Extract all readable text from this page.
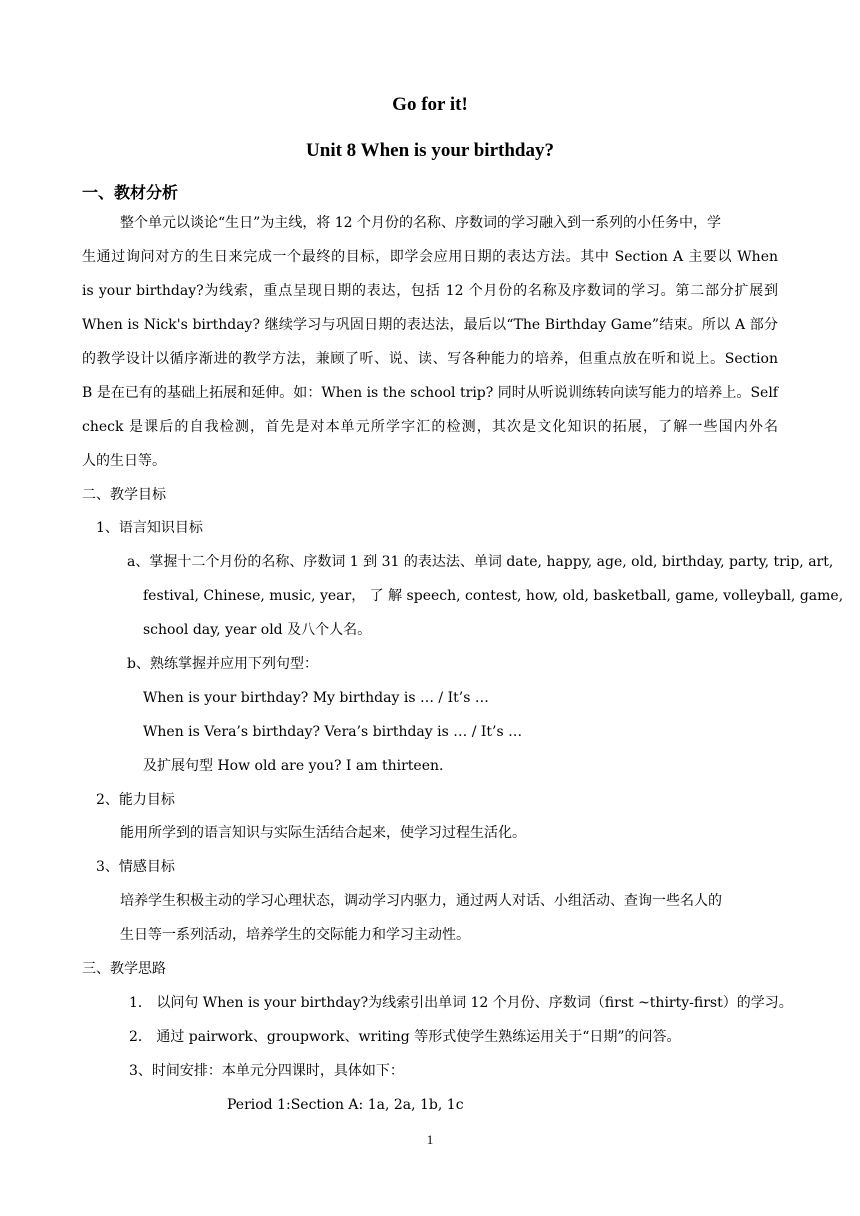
Go for it!
Unit 8 When is your birthday?
一、教材分析
整个单元以谈论“生日”为主线，将 12 个月份的名称、序数词的学习融入到一系列的小任务中，学
生通过询问对方的生日来完成一个最终的目标，即学会应用日期的表达方法。其中 Section A 主要以 When
is your birthday?为线索，重点呈现日期的表达，包括 12 个月份的名称及序数词的学习。第二部分扩展到
When is Nick's birthday? 继续学习与巩固日期的表达法，最后以“The Birthday Game”结束。所以 A 部分
的教学设计以循序渐进的教学方法，兼顾了听、说、读、写各种能力的培养，但重点放在听和说上。Section
B 是在已有的基础上拓展和延伸。如：When is the school trip? 同时从听说训练转向读写能力的培养上。Self
check 是课后的自我检测，首先是对本单元所学字汇的检测，其次是文化知识的拓展，了解一些国内外名
人的生日等。
二、教学目标
1、语言知识目标
a、掌握十二个月份的名称、序数词 1 到 31 的表达法、单词 date, happy, age, old, birthday, party, trip, art,
festival, Chinese, music, year， 了 解 speech, contest, how, old, basketball, game, volleyball, game,
school day, year old 及八个人名。
b、熟练掌握并应用下列句型：
When is your birthday? My birthday is … / It’s …
When is Vera’s birthday? Vera’s birthday is … / It’s …
及扩展句型 How old are you? I am thirteen.
2、能力目标
能用所学到的语言知识与实际生活结合起来，使学习过程生活化。
3、情感目标
培养学生积极主动的学习心理状态，调动学习内驱力，通过两人对话、小组活动、查询一些名人的
生日等一系列活动，培养学生的交际能力和学习主动性。
三、教学思路
1． 以问句 When is your birthday?为线索引出单词 12 个月份、序数词（first ~thirty-first）的学习。
2． 通过 pairwork、groupwork、writing 等形式使学生熟练运用关于“日期”的问答。
3、时间安排：本单元分四课时，具体如下：
Period 1:Section A: 1a, 2a, 1b, 1c
1
